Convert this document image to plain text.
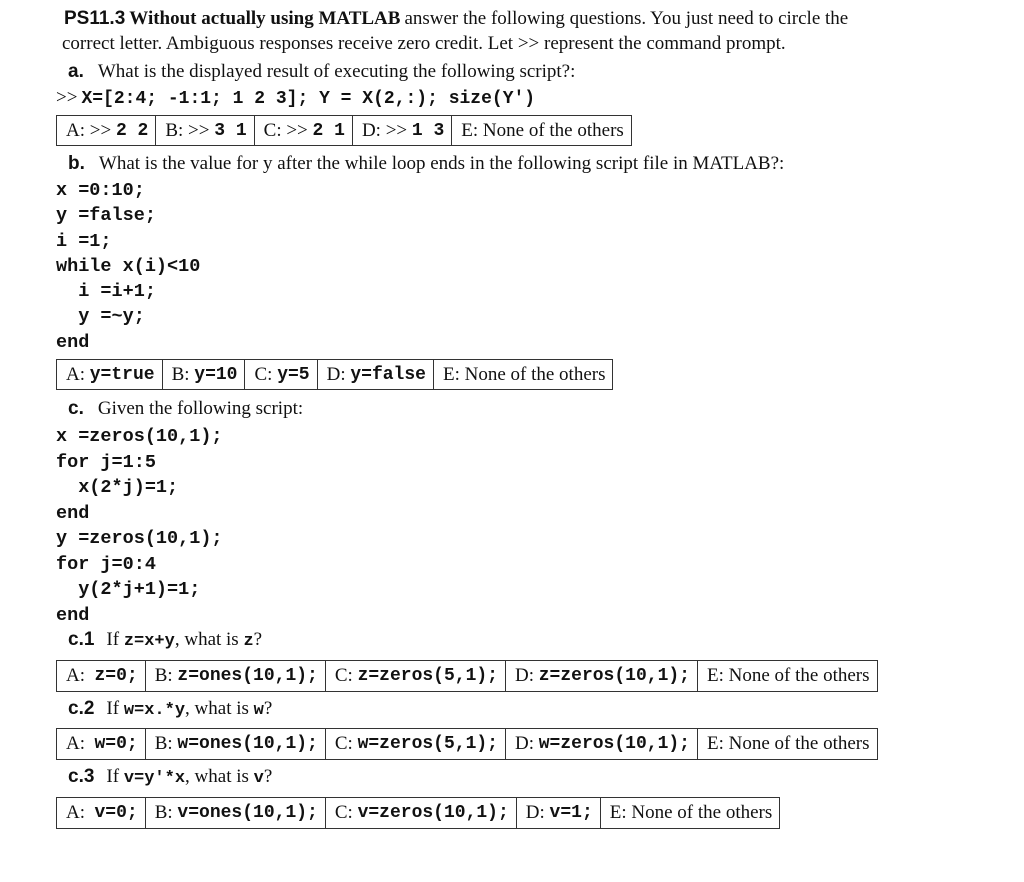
PS11.3 Without actually using MATLAB answer the following questions. You just need to circle the
correct letter. Ambiguous responses receive zero credit. Let >> represent the command prompt.
a. What is the displayed result of executing the following script?:
>> X=[2:4; -1:1; 1 2 3]; Y = X(2,:); size(Y')
A: >> 2 2 B: >> 3 1 C: >> 2 1 D: >> 1 3 E: None of the others
b. What is the value for y after the while loop ends in the following script file in MATLAB?:
x =0:10;
y =false;
i =1;
while x(i)<10
i =i+1;
y =~y;
end
A: y=true B: y=10 C: y=5 D: y=false E: None of the others
c. Given the following script:
x =zeros(10,1);
for j=1:5
x(2*j)=1;
end
y =zeros(10,1);
for j=0:4
y(2*j+1)=1;
end
c.1 If z=x+y, what is z?
A: z=0; B: z=ones(10,1); C: z=zeros(5,1); D: z=zeros(10,1); E: None of the others
c.2 If w=x.*y, what is w?
A: w=0; B: w=ones(10,1); C: w=zeros(5,1); D: w=zeros(10,1); E: None of the others
c.3 If v=y'*x, what is v?
A: v=0; B: v=ones(10,1); C: v=zeros(10,1); D: v=1; E: None of the others
